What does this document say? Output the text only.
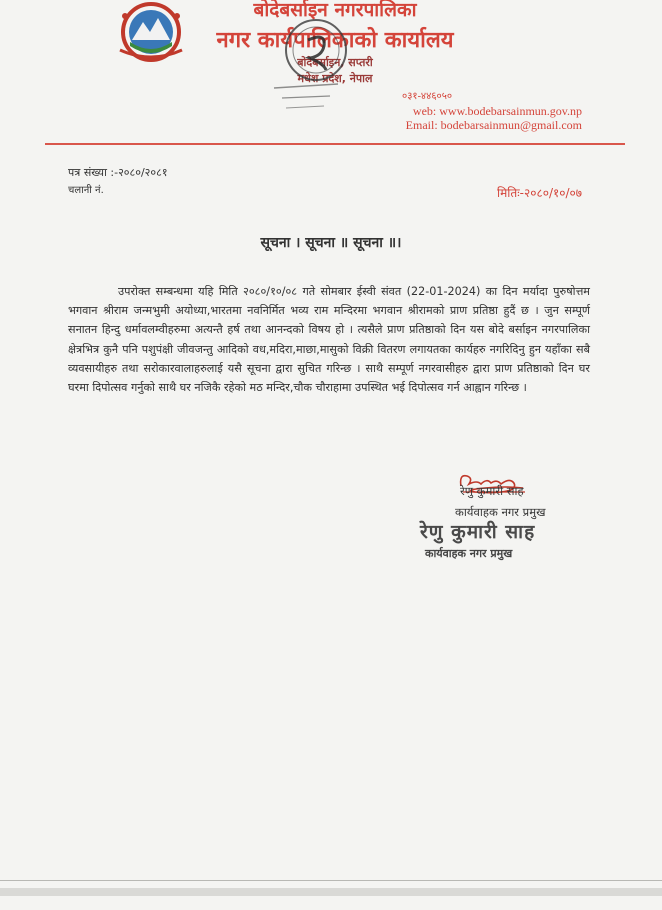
बोदेबर्साइन नगरपालिका
नगर कार्यपालिकाको कार्यालय
बोदेबर्साइन, सप्तरी
मधेश प्रदेश, नेपाल
०३१-४४६०५०
web: www.bodebarsainmun.gov.np
Email: bodebarsainmun@gmail.com
पत्र संख्या :-२०८०/२०८१
चलानी नं.	मितिः-२०८०/१०/०७
सूचना । सूचना ॥ सूचना ॥।
उपरोक्त सम्बन्धमा यहि मिति २०८०/१०/०८ गते सोमबार ईस्वी संवत (22-01-2024) का दिन मर्यादा पुरुषोत्तम भगवान श्रीराम जन्मभुमी अयोध्या,भारतमा नवनिर्मित भव्य राम मन्दिरमा भगवान श्रीरामको प्राण प्रतिष्ठा हुदैं छ । जुन सम्पूर्ण सनातन हिन्दु धर्मावलम्वीहरुमा अत्यन्तै हर्ष तथा आनन्दको विषय हो । त्यसैले प्राण प्रतिष्ठाको दिन यस बोदे बर्साइन नगरपालिका क्षेत्रभित्र कुनै पनि पशुपंक्षी जीवजन्तु आदिको वध,मदिरा,माछा,मासुको विक्री वितरण लगायतका कार्यहरु नगरिदिनु हुन यहाँका सबै व्यवसायीहरु तथा सरोकारवालाहरुलाई यसै सूचना द्वारा सुचित गरिन्छ । साथै सम्पूर्ण नगरवासीहरु द्वारा प्राण प्रतिष्ठाको दिन घर घरमा दिपोत्सव गर्नुको साथै घर नजिकै रहेको मठ मन्दिर,चौक चौराहामा उपस्थित भई दिपोत्सव गर्न आह्वान गरिन्छ ।
रेणु कुमारी साह
कार्यवाहक नगर प्रमुख
रेणु कुमारी साह
कार्यवाहक नगर प्रमुख
